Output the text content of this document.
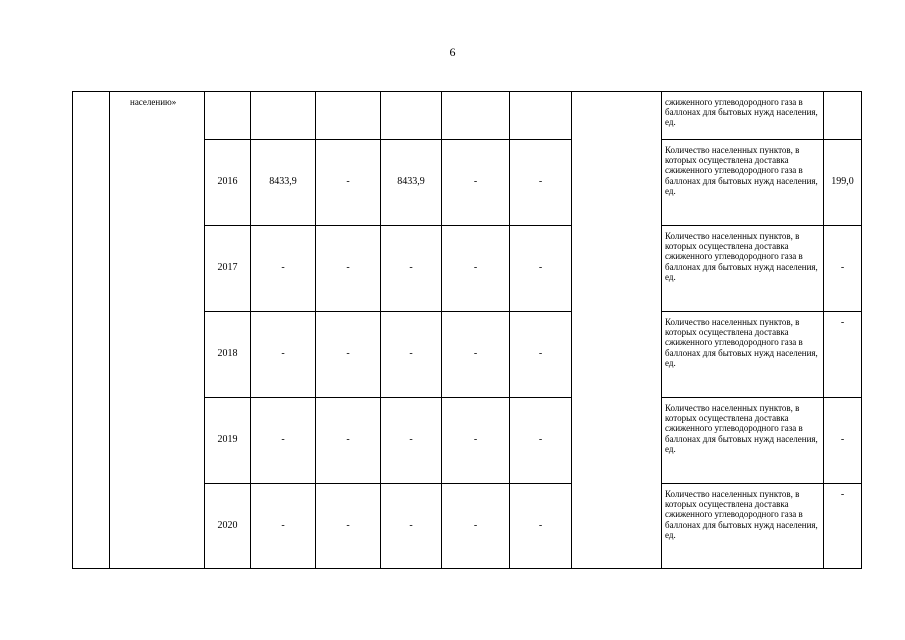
6
	населению»								сжиженного углеводородного газа в баллонах для бытовых нужд населения, ед.	
		2016	8433,9	-	8433,9	-	-		Количество населенных пунктов, в которых осуществлена доставка сжиженного углеводородного газа в баллонах для бытовых нужд населения, ед.	199,0
		2017	-	-	-	-	-		Количество населенных пунктов, в которых осуществлена доставка сжиженного углеводородного газа в баллонах для бытовых нужд населения, ед.	-
		2018	-	-	-	-	-		Количество населенных пунктов, в которых осуществлена доставка сжиженного углеводородного газа в баллонах для бытовых нужд населения, ед.	-
		2019	-	-	-	-	-		Количество населенных пунктов, в которых осуществлена доставка сжиженного углеводородного газа в баллонах для бытовых нужд населения, ед.	-
		2020	-	-	-	-	-		Количество населенных пунктов, в которых осуществлена доставка сжиженного углеводородного газа в баллонах для бытовых нужд населения, ед.	-
